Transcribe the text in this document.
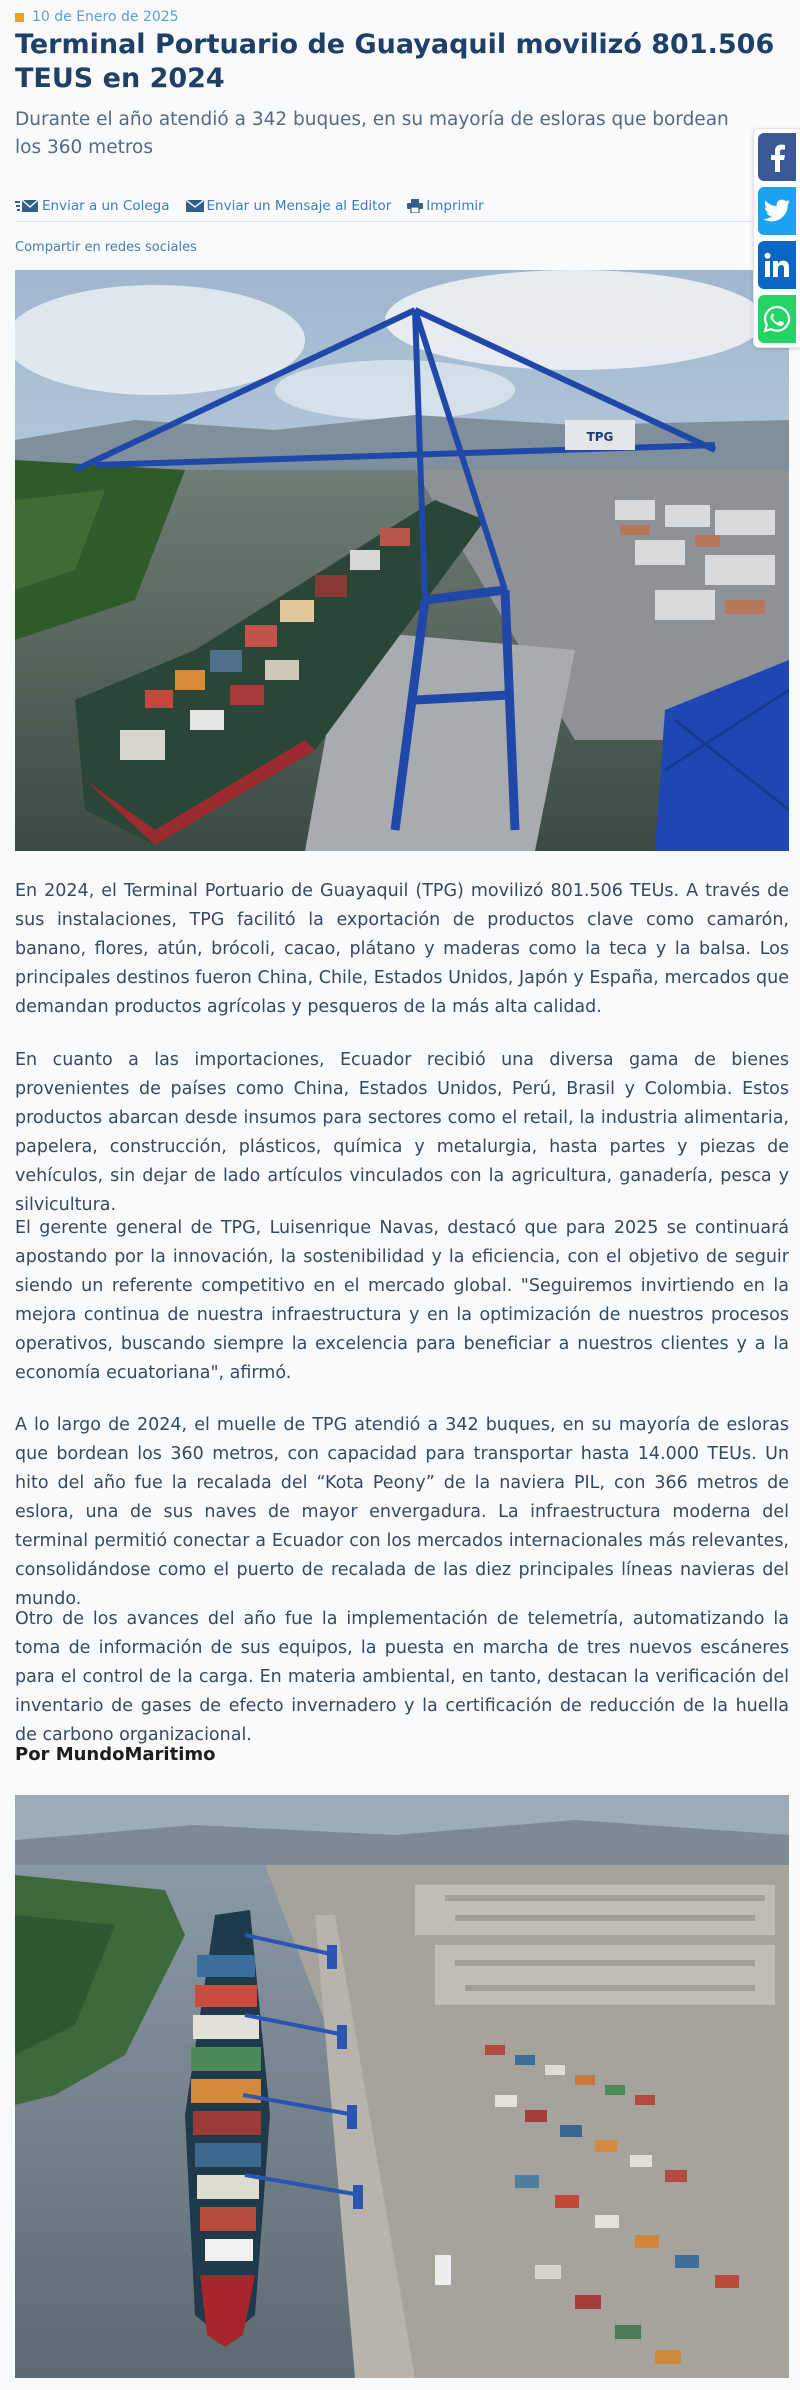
10 de Enero de 2025
Terminal Portuario de Guayaquil movilizó 801.506 TEUS en 2024

Durante el año atendió a 342 buques, en su mayoría de esloras que bordean los 360 metros

Enviar a un Colega	Enviar un Mensaje al Editor	Imprimir
Compartir en redes sociales
TPG

En 2024, el Terminal Portuario de Guayaquil (TPG) movilizó 801.506 TEUs. A través de sus instalaciones, TPG facilitó la exportación de productos clave como camarón, banano, flores, atún, brócoli, cacao, plátano y maderas como la teca y la balsa. Los principales destinos fueron China, Chile, Estados Unidos, Japón y España, mercados que demandan productos agrícolas y pesqueros de la más alta calidad.

En cuanto a las importaciones, Ecuador recibió una diversa gama de bienes provenientes de países como China, Estados Unidos, Perú, Brasil y Colombia. Estos productos abarcan desde insumos para sectores como el retail, la industria alimentaria, papelera, construcción, plásticos, química y metalurgia, hasta partes y piezas de vehículos, sin dejar de lado artículos vinculados con la agricultura, ganadería, pesca y silvicultura.

El gerente general de TPG, Luisenrique Navas, destacó que para 2025 se continuará apostando por la innovación, la sostenibilidad y la eficiencia, con el objetivo de seguir siendo un referente competitivo en el mercado global. "Seguiremos invirtiendo en la mejora continua de nuestra infraestructura y en la optimización de nuestros procesos operativos, buscando siempre la excelencia para beneficiar a nuestros clientes y a la economía ecuatoriana", afirmó.

A lo largo de 2024, el muelle de TPG atendió a 342 buques, en su mayoría de esloras que bordean los 360 metros, con capacidad para transportar hasta 14.000 TEUs. Un hito del año fue la recalada del “Kota Peony” de la naviera PIL, con 366 metros de eslora, una de sus naves de mayor envergadura. La infraestructura moderna del terminal permitió conectar a Ecuador con los mercados internacionales más relevantes, consolidándose como el puerto de recalada de las diez principales líneas navieras del mundo.

Otro de los avances del año fue la implementación de telemetría, automatizando la toma de información de sus equipos, la puesta en marcha de tres nuevos escáneres para el control de la carga. En materia ambiental, en tanto, destacan la verificación del inventario de gases de efecto invernadero y la certificación de reducción de la huella de carbono organizacional.

Por MundoMaritimo
